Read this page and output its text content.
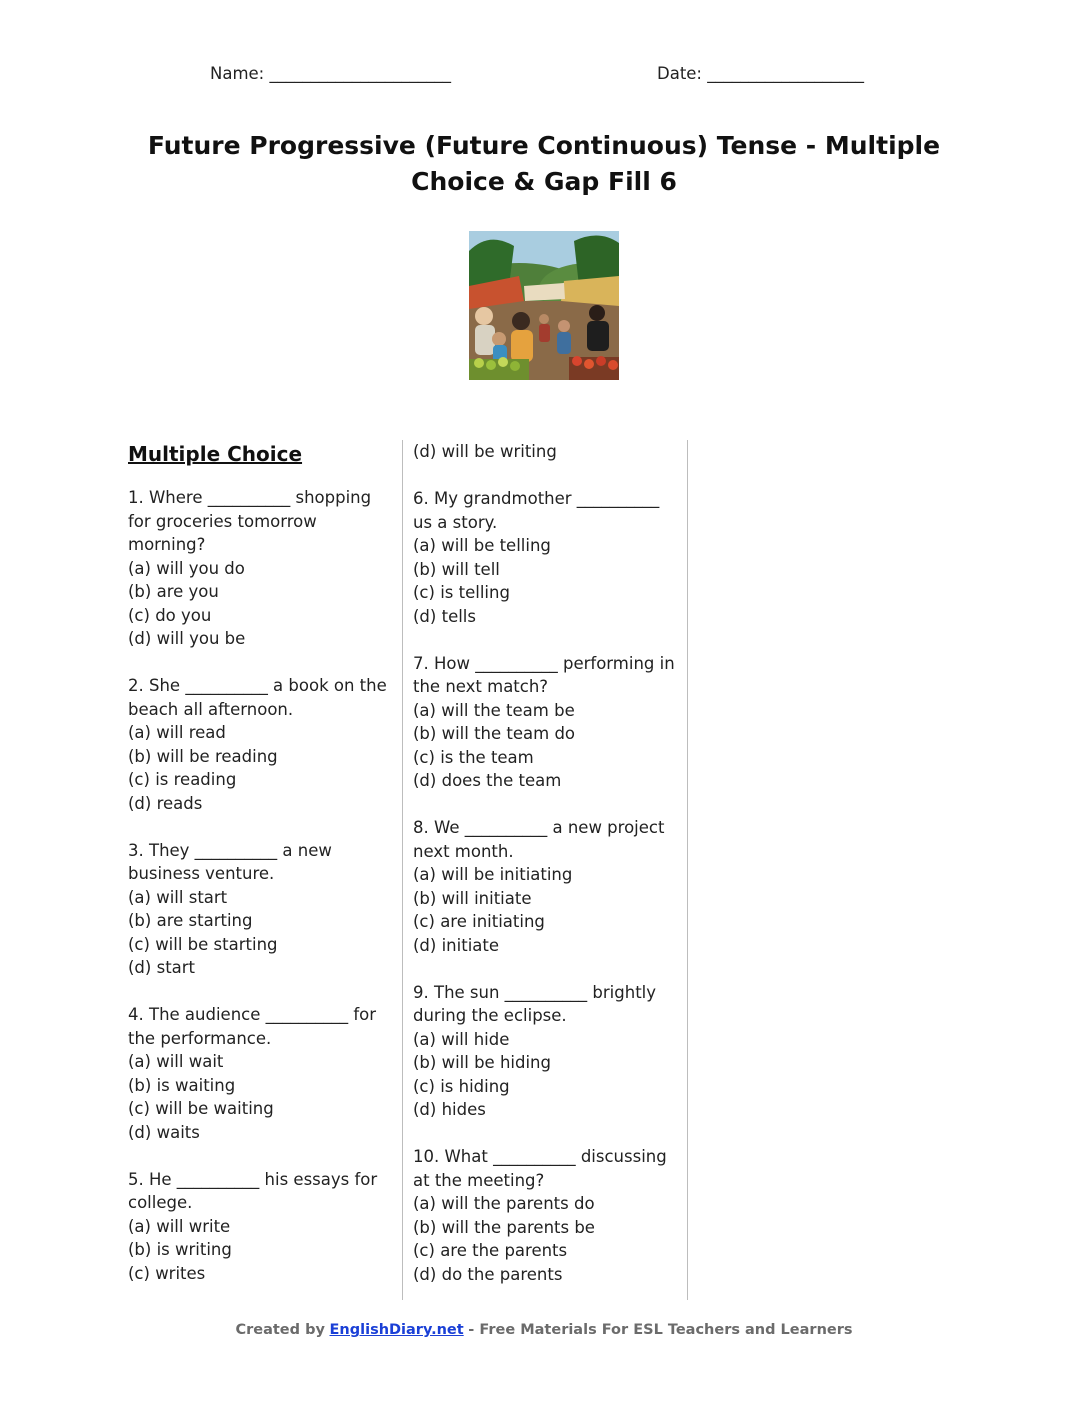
Name: ______________________	Date: ___________________
Future Progressive (Future Continuous) Tense - Multiple Choice & Gap Fill 6
Multiple Choice
1. Where __________ shopping
for groceries tomorrow
morning?
(a) will you do
(b) are you
(c) do you
(d) will you be
2. She __________ a book on the
beach all afternoon.
(a) will read
(b) will be reading
(c) is reading
(d) reads
3. They __________ a new
business venture.
(a) will start
(b) are starting
(c) will be starting
(d) start
4. The audience __________ for
the performance.
(a) will wait
(b) is waiting
(c) will be waiting
(d) waits
5. He __________ his essays for
college.
(a) will write
(b) is writing
(c) writes
(d) will be writing
6. My grandmother __________
us a story.
(a) will be telling
(b) will tell
(c) is telling
(d) tells
7. How __________ performing in
the next match?
(a) will the team be
(b) will the team do
(c) is the team
(d) does the team
8. We __________ a new project
next month.
(a) will be initiating
(b) will initiate
(c) are initiating
(d) initiate
9. The sun __________ brightly
during the eclipse.
(a) will hide
(b) will be hiding
(c) is hiding
(d) hides
10. What __________ discussing
at the meeting?
(a) will the parents do
(b) will the parents be
(c) are the parents
(d) do the parents
Created by EnglishDiary.net - Free Materials For ESL Teachers and Learners
